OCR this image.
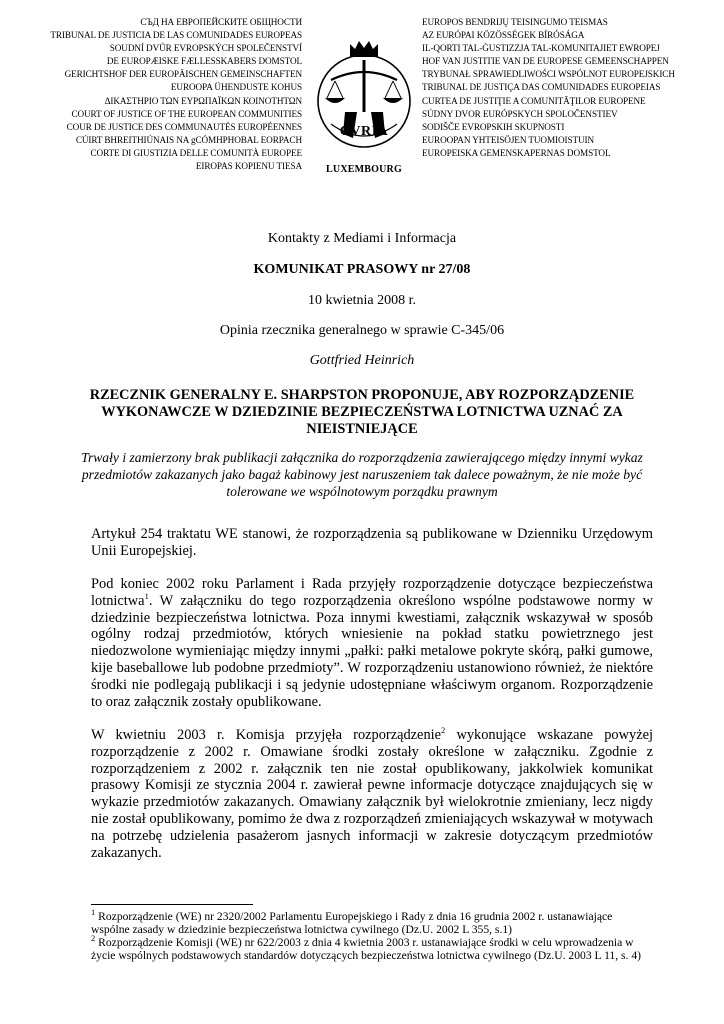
СЪД НА ЕВРОПЕЙСКИТЕ ОБЩНОСТИ
TRIBUNAL DE JUSTICIA DE LAS COMUNIDADES EUROPEAS
SOUDNÍ DVŮR EVROPSKÝCH SPOLEČENSTVÍ
DE EUROPÆISKE FÆLLESSKABERS DOMSTOL
GERICHTSHOF DER EUROPÄISCHEN GEMEINSCHAFTEN
EUROOPA ÜHENDUSTE KOHUS
ΔΙΚΑΣΤΗΡΙΟ ΤΩΝ ΕΥΡΩΠΑΪΚΩΝ ΚΟΙΝΟΤΗΤΩΝ
COURT OF JUSTICE OF THE EUROPEAN COMMUNITIES
COUR DE JUSTICE DES COMMUNAUTÉS EUROPÉENNES
CÚIRT BHREITHIÚNAIS NA gCÓMHPHOBAL EORPACH
CORTE DI GIUSTIZIA DELLE COMUNITÀ EUROPEE
EIROPAS KOPIENU TIESA
CVRIA
LUXEMBOURG
EUROPOS BENDRIJŲ TEISINGUMO TEISMAS
AZ EURÓPAI KÖZÖSSÉGEK BÍRÓSÁGA
IL-QORTI TAL-ĠUSTIZZJA TAL-KOMUNITAJIET EWROPEJ
HOF VAN JUSTITIE VAN DE EUROPESE GEMEENSCHAPPEN
TRYBUNAŁ SPRAWIEDLIWOŚCI WSPÓLNOT EUROPEJSKICH
TRIBUNAL DE JUSTIÇA DAS COMUNIDADES EUROPEIAS
CURTEA DE JUSTIŢIE A COMUNITĂŢILOR EUROPENE
SÚDNY DVOR EURÓPSKYCH SPOLOČENSTIEV
SODIŠČE EVROPSKIH SKUPNOSTI
EUROOPAN YHTEISÖJEN TUOMIOISTUIN
EUROPEISKA GEMENSKAPERNAS DOMSTOL
Kontakty z Mediami i Informacja
KOMUNIKAT PRASOWY nr 27/08
10 kwietnia 2008 r.
Opinia rzecznika generalnego w sprawie C-345/06
Gottfried Heinrich
RZECZNIK GENERALNY E. SHARPSTON PROPONUJE, ABY ROZPORZĄDZENIE WYKONAWCZE W DZIEDZINIE BEZPIECZEŃSTWA LOTNICTWA UZNAĆ ZA NIEISTNIEJĄCE
Trwały i zamierzony brak publikacji załącznika do rozporządzenia zawierającego między innymi wykaz przedmiotów zakazanych jako bagaż kabinowy jest naruszeniem tak dalece poważnym, że nie może być tolerowane we wspólnotowym porządku prawnym
Artykuł 254 traktatu WE stanowi, że rozporządzenia są publikowane w Dzienniku Urzędowym Unii Europejskiej.
Pod koniec 2002 roku Parlament i Rada przyjęły rozporządzenie dotyczące bezpieczeństwa lotnictwa$^1$. W załączniku do tego rozporządzenia określono wspólne podstawowe normy w dziedzinie bezpieczeństwa lotnictwa. Poza innymi kwestiami, załącznik wskazywał w sposób ogólny rodzaj przedmiotów, których wniesienie na pokład statku powietrznego jest niedozwolone wymieniając między innymi „pałki: pałki metalowe pokryte skórą, pałki gumowe, kije baseballowe lub podobne przedmioty”. W rozporządzeniu ustanowiono również, że niektóre środki nie podlegają publikacji i są jedynie udostępniane właściwym organom. Rozporządzenie to oraz załącznik zostały opublikowane.
W kwietniu 2003 r. Komisja przyjęła rozporządzenie$^2$ wykonujące wskazane powyżej rozporządzenie z 2002 r. Omawiane środki zostały określone w załączniku. Zgodnie z rozporządzeniem z 2002 r. załącznik ten nie został opublikowany, jakkolwiek komunikat prasowy Komisji ze stycznia 2004 r. zawierał pewne informacje dotyczące znajdujących się w wykazie przedmiotów zakazanych. Omawiany załącznik był wielokrotnie zmieniany, lecz nigdy nie został opublikowany, pomimo że dwa z rozporządzeń zmieniających wskazywał w motywach na potrzebę udzielenia pasażerom jasnych informacji w zakresie dotyczącym przedmiotów zakazanych.
$^1$ Rozporządzenie (WE) nr 2320/2002 Parlamentu Europejskiego i Rady z dnia 16 grudnia 2002 r. ustanawiające wspólne zasady w dziedzinie bezpieczeństwa lotnictwa cywilnego (Dz.U. 2002 L 355, s.1)
$^2$ Rozporządzenie Komisji (WE) nr 622/2003 z dnia 4 kwietnia 2003 r. ustanawiające środki w celu wprowadzenia w życie wspólnych podstawowych standardów dotyczących bezpieczeństwa lotnictwa cywilnego (Dz.U. 2003 L 11, s. 4)
